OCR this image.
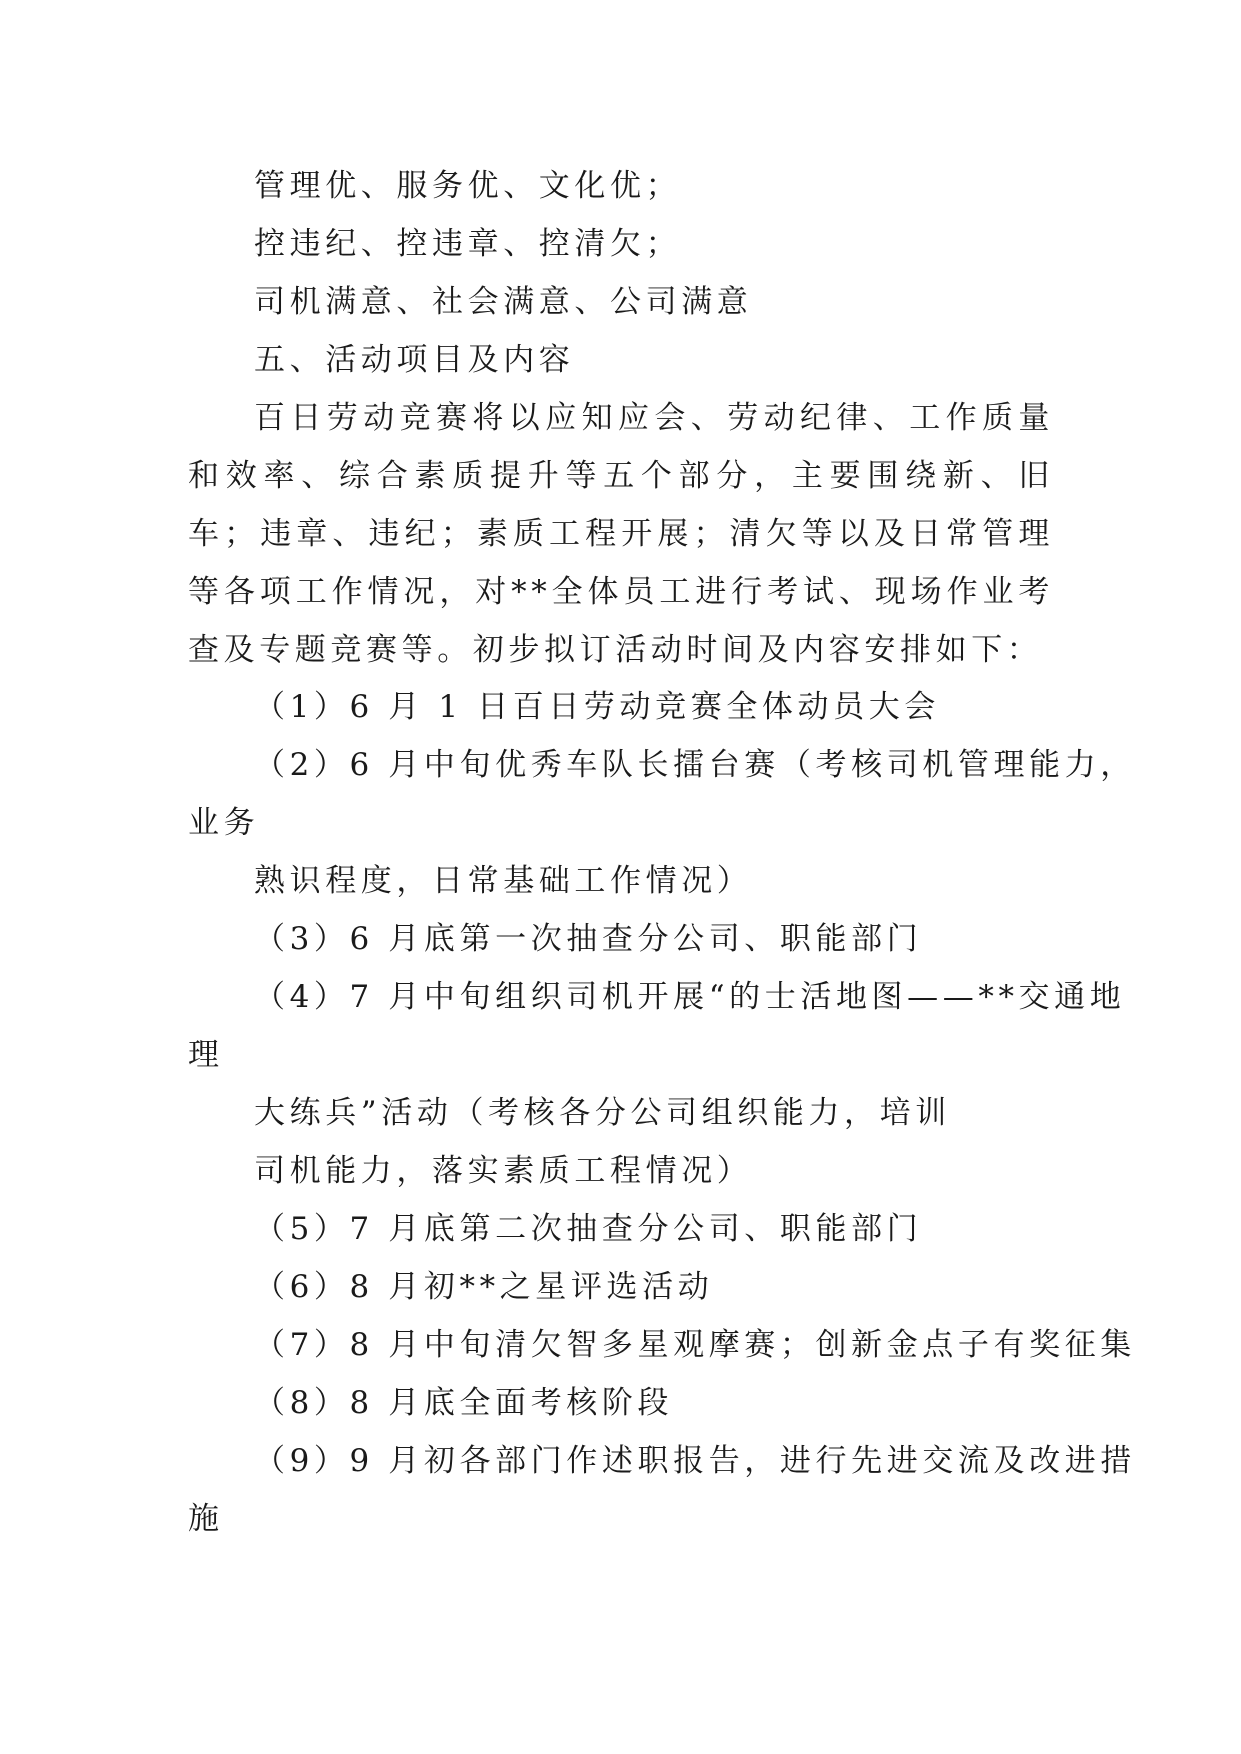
管理优、服务优、文化优；
控违纪、控违章、控清欠；
司机满意、社会满意、公司满意
五、活动项目及内容
百日劳动竞赛将以应知应会、劳动纪律、工作质量和效率、综合素质提升等五个部分，主要围绕新、旧车；违章、违纪；素质工程开展；清欠等以及日常管理等各项工作情况，对**全体员工进行考试、现场作业考查及专题竞赛等。初步拟订活动时间及内容安排如下：
（1）6 月 1 日百日劳动竞赛全体动员大会
（2）6 月中旬优秀车队长擂台赛（考核司机管理能力，
业务
熟识程度，日常基础工作情况）
（3）6 月底第一次抽查分公司、职能部门
（4）7 月中旬组织司机开展“的士活地图——**交通地
理
大练兵”活动（考核各分公司组织能力，培训
司机能力，落实素质工程情况）
（5）7 月底第二次抽查分公司、职能部门
（6）8 月初**之星评选活动
（7）8 月中旬清欠智多星观摩赛；创新金点子有奖征集
（8）8 月底全面考核阶段
（9）9 月初各部门作述职报告，进行先进交流及改进措
施
